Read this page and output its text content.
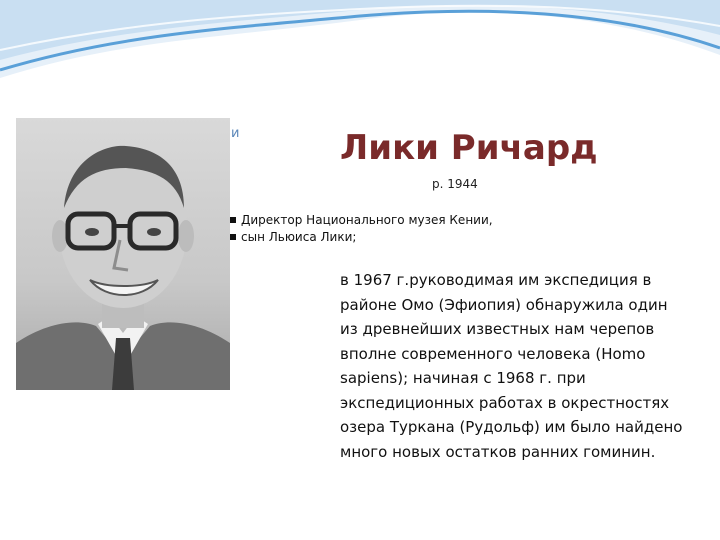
и	Лики Ричард
р. 1944
Директор Национального музея Кении,
сын Льюиса Лики;
в 1967 г.руководимая им экспедиция в районе Омо (Эфиопия) обнаружила один из древнейших известных нам черепов вполне современного человека (Homo sapiens); начиная с 1968 г. при экспедиционных работах в окрестностях озера Туркана (Рудольф) им было найдено много новых остатков ранних гоминин.
